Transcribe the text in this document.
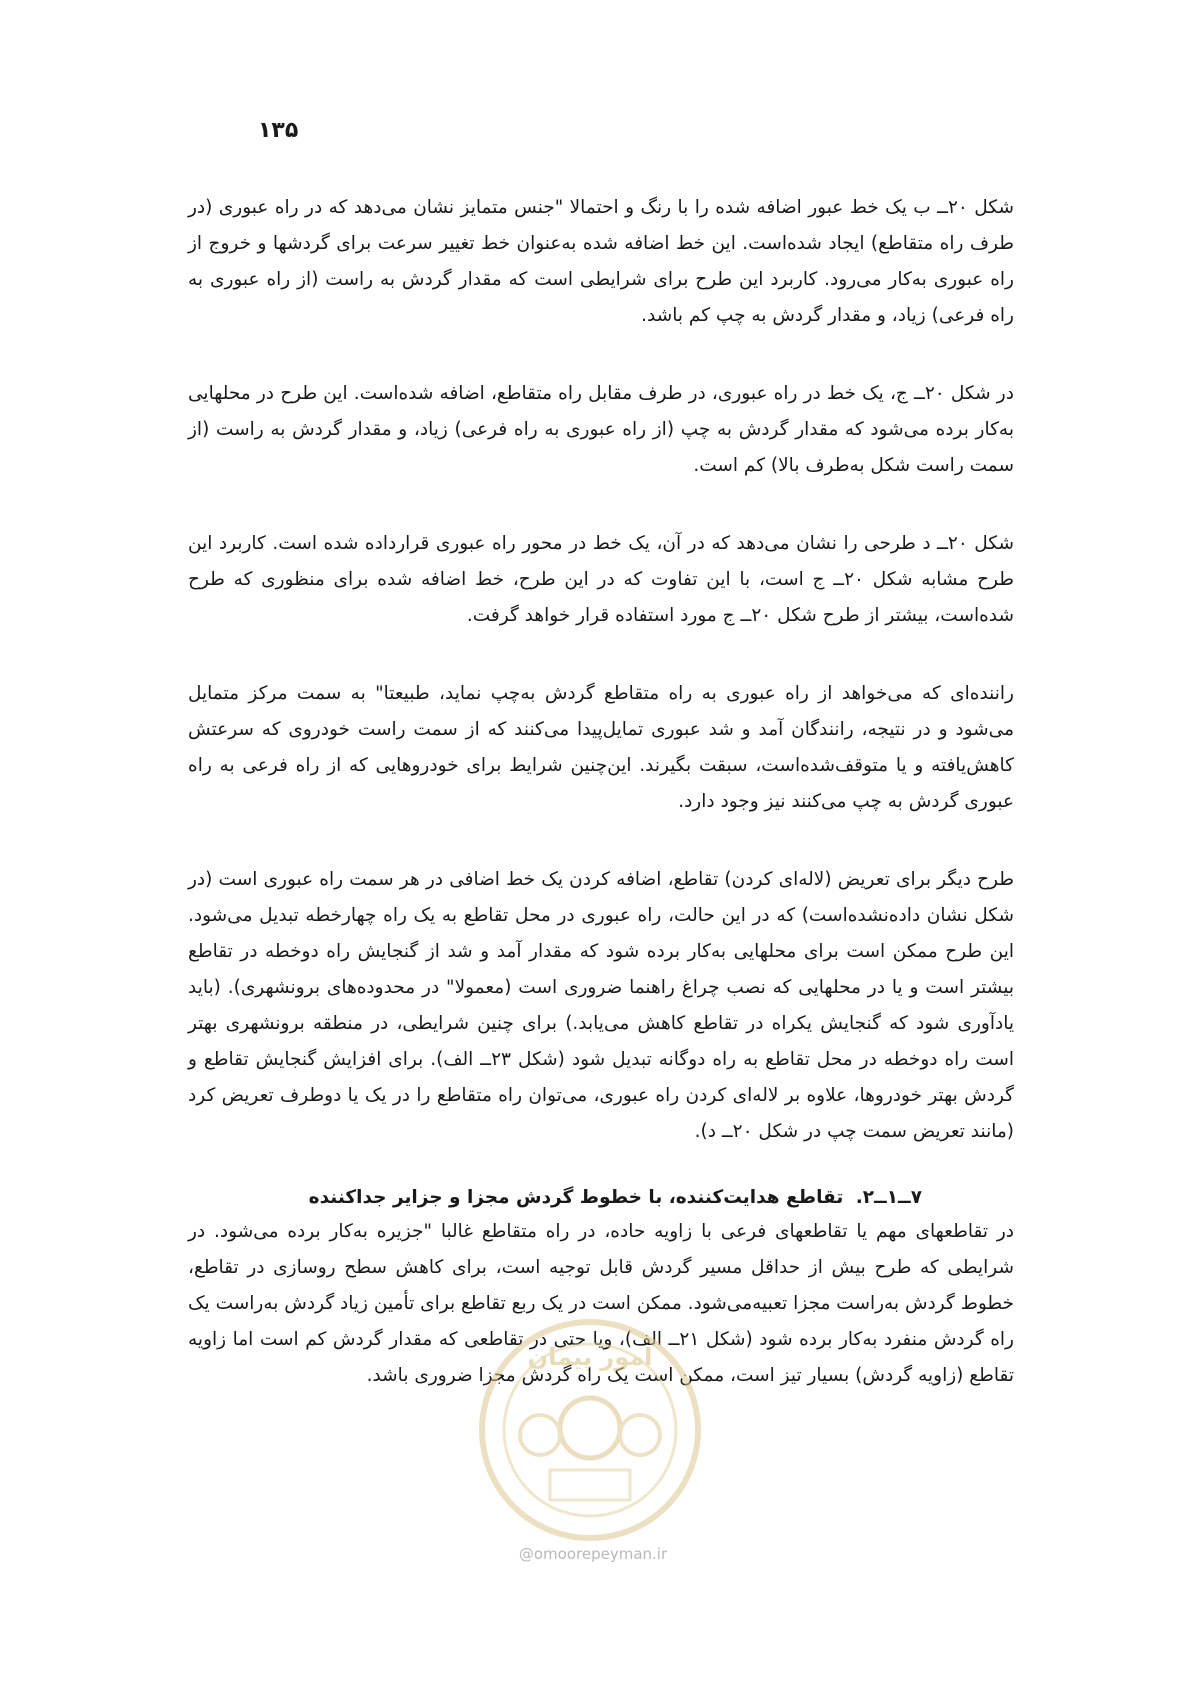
۱۳۵

شکل ۲۰ــ ب یک خط عبور اضافه شده را با رنگ و احتمالا "جنس متمایز نشان می‌دهد که در راه عبوری (در طرف راه متقاطع) ایجاد شده‌است. این خط اضافه شده به‌عنوان خط تغییر سرعت برای گردشها و خروج از راه عبوری به‌کار می‌رود. کاربرد این طرح برای شرایطی است که مقدار گردش به راست (از راه عبوری به راه فرعی) زیاد، و مقدار گردش به چپ کم باشد.

در شکل ۲۰ــ ج، یک خط در راه عبوری، در طرف مقابل راه متقاطع، اضافه شده‌است. این طرح در محلهایی به‌کار برده می‌شود که مقدار گردش به چپ (از راه عبوری به راه فرعی) زیاد، و مقدار گردش به راست (از سمت راست شکل به‌طرف بالا) کم است.

شکل ۲۰ــ د طرحی را نشان می‌دهد که در آن، یک خط در محور راه عبوری قرارداده شده است. کاربرد این طرح مشابه شکل ۲۰ــ ج است، با این تفاوت که در این طرح، خط اضافه شده برای منظوری که طرح شده‌است، بیشتر از طرح شکل ۲۰ــ ج مورد استفاده قرار خواهد گرفت.

راننده‌ای که می‌خواهد از راه عبوری به راه متقاطع گردش به‌چپ نماید، طبیعتا" به سمت مرکز متمایل می‌شود و در نتیجه، رانندگان آمد و شد عبوری تمایل‌پیدا می‌کنند که از سمت راست خودروی که سرعتش کاهش‌یافته و یا متوقف‌شده‌است، سبقت بگیرند. این‌چنین شرایط برای خودروهایی که از راه فرعی به راه عبوری گردش به چپ می‌کنند نیز وجود دارد.

طرح دیگر برای تعریض (لاله‌ای کردن) تقاطع، اضافه کردن یک خط اضافی در هر سمت راه عبوری است (در شکل نشان داده‌نشده‌است) که در این حالت، راه عبوری در محل تقاطع به یک راه چهارخطه تبدیل می‌شود. این طرح ممکن است برای محلهایی به‌کار برده شود که مقدار آمد و شد از گنجایش راه دوخطه در تقاطع بیشتر است و یا در محلهایی که نصب چراغ راهنما ضروری است (معمولا" در محدوده‌های برونشهری). (باید یادآوری شود که گنجایش یکراه در تقاطع کاهش می‌یابد.) برای چنین شرایطی، در منطقه برونشهری بهتر است راه دوخطه در محل تقاطع به راه دوگانه تبدیل شود (شکل ۲۳ــ الف). برای افزایش گنجایش تقاطع و گردش بهتر خودروها، علاوه بر لاله‌ای کردن راه عبوری، می‌توان راه متقاطع را در یک یا دوطرف تعریض کرد (مانند تعریض سمت چپ در شکل ۲۰ــ د).

۷ــ۱ــ۲. تقاطع هدایت‌کننده، با خطوط گردش مجزا و جزایر جداکننده

در تقاطعهای مهم یا تقاطعهای فرعی با زاویه حاده، در راه متقاطع غالبا "جزیره به‌کار برده می‌شود. در شرایطی که طرح بیش از حداقل مسیر گردش قابل توجیه است، برای کاهش سطح روسازی در تقاطع، خطوط گردش به‌راست مجزا تعبیه‌می‌شود. ممکن است در یک ربع تقاطع برای تأمین زیاد گردش به‌راست یک راه گردش منفرد به‌کار برده شود (شکل ۲۱ــ الف)، ویا حتی در تقاطعی که مقدار گردش کم است اما زاویه تقاطع (زاویه گردش) بسیار تیز است، ممکن است یک راه گردش مجزا ضروری باشد.

امور پیمان
@omoorepeyman.ir
